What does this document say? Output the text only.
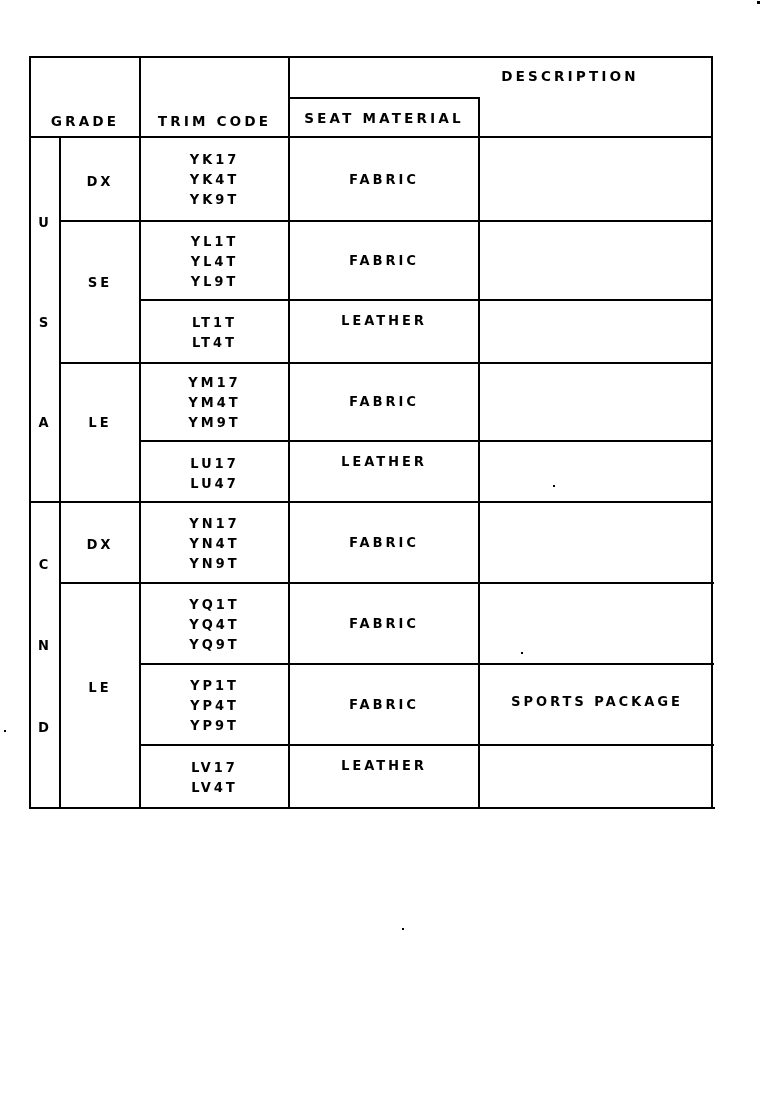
GRADE	TRIM CODE
DESCRIPTION
SEAT MATERIAL
U
S
A
C
N
D
DX
SE
LE
DX
LE
YK17
YK4T
YK9T
FABRIC
YL1T
YL4T
YL9T
FABRIC
LT1T
LT4T
LEATHER
YM17
YM4T
YM9T
FABRIC
LU17
LU47
LEATHER
YN17
YN4T
YN9T
FABRIC
YQ1T
YQ4T
YQ9T
FABRIC
YP1T
YP4T
YP9T
FABRIC	SPORTS PACKAGE
LV17
LV4T
LEATHER
